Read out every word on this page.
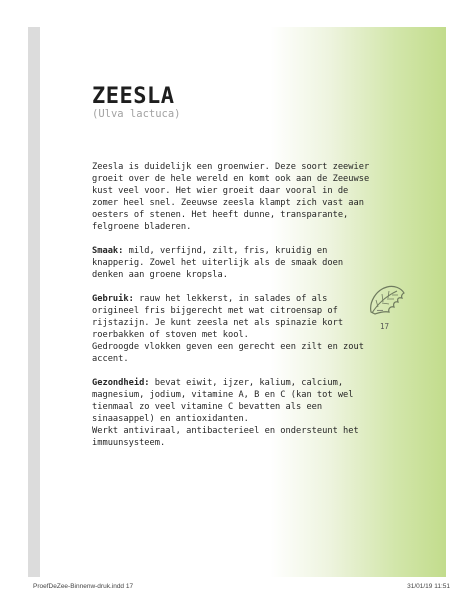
ZEESLA
(Ulva lactuca)

Zeesla is duidelijk een groenwier. Deze soort zeewier groeit over de hele wereld en komt ook aan de Zeeuwse kust veel voor. Het wier groeit daar vooral in de zomer heel snel. Zeeuwse zeesla klampt zich vast aan oesters of stenen. Het heeft dunne, transparante, felgroene bladeren.

Smaak: mild, verfijnd, zilt, fris, kruidig en knapperig. Zowel het uiterlijk als de smaak doen denken aan groene kropsla.

Gebruik: rauw het lekkerst, in salades of als origineel fris bijgerecht met wat citroensap of rijstazijn. Je kunt zeesla net als spinazie kort roerbakken of stoven met kool.
Gedroogde vlokken geven een gerecht een zilt en zout accent.

Gezondheid: bevat eiwit, ijzer, kalium, calcium, magnesium, jodium, vitamine A, B en C (kan tot wel tienmaal zo veel vitamine C bevatten als een sinaasappel) en antioxidanten.
Werkt antiviraal, antibacterieel en ondersteunt het immuunsysteem.

—
17
ProefDeZee-Binnenw-druk.indd 17	31/01/19 11:51
